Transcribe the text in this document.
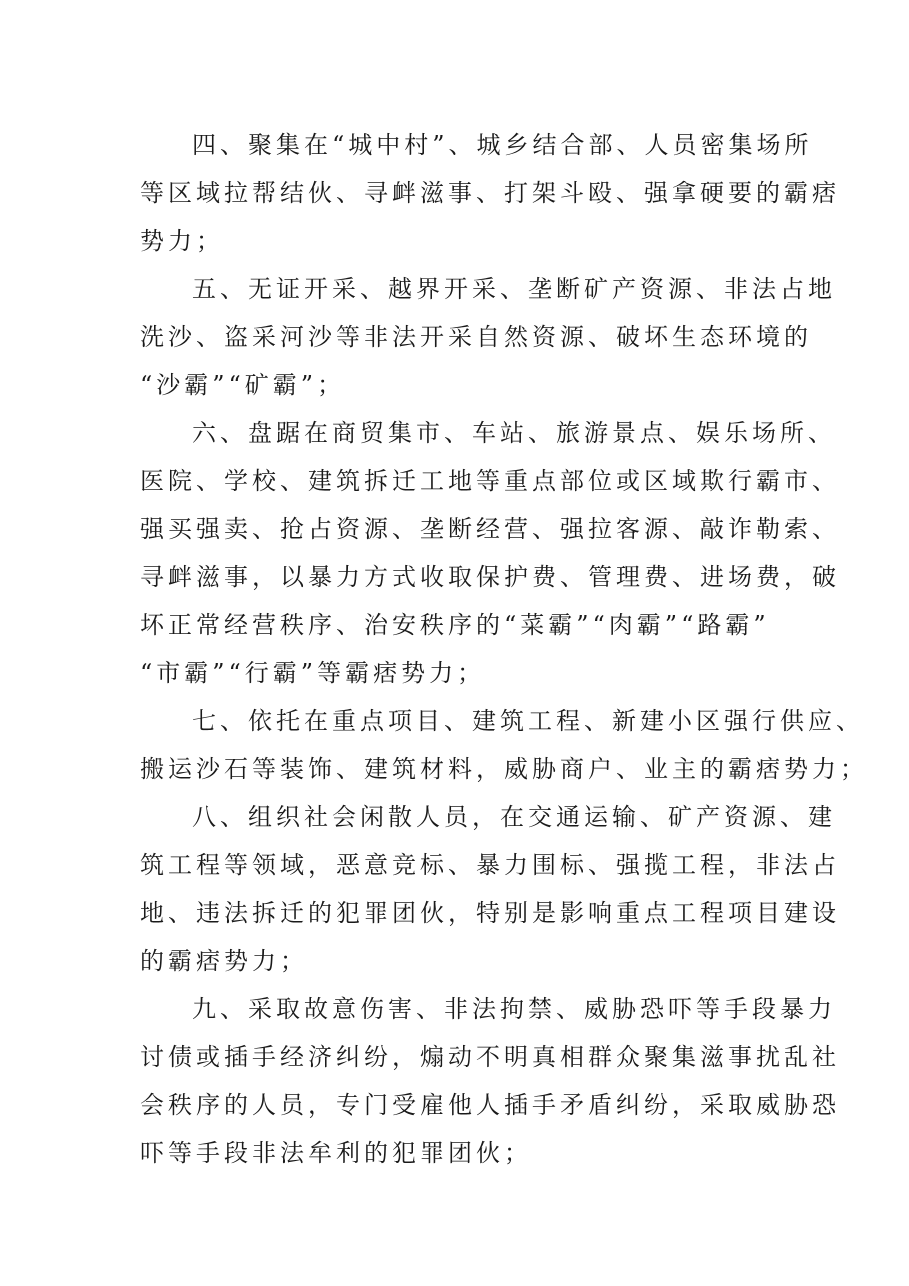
四、聚集在“城中村”、城乡结合部、人员密集场所
等区域拉帮结伙、寻衅滋事、打架斗殴、强拿硬要的霸痞
势力；
五、无证开采、越界开采、垄断矿产资源、非法占地
洗沙、盗采河沙等非法开采自然资源、破坏生态环境的
“沙霸”“矿霸”；
六、盘踞在商贸集市、车站、旅游景点、娱乐场所、
医院、学校、建筑拆迁工地等重点部位或区域欺行霸市、
强买强卖、抢占资源、垄断经营、强拉客源、敲诈勒索、
寻衅滋事，以暴力方式收取保护费、管理费、进场费，破
坏正常经营秩序、治安秩序的“菜霸”“肉霸”“路霸”
“市霸”“行霸”等霸痞势力；
七、依托在重点项目、建筑工程、新建小区强行供应、
搬运沙石等装饰、建筑材料，威胁商户、业主的霸痞势力；
八、组织社会闲散人员，在交通运输、矿产资源、建
筑工程等领域，恶意竞标、暴力围标、强揽工程，非法占
地、违法拆迁的犯罪团伙，特别是影响重点工程项目建设
的霸痞势力；
九、采取故意伤害、非法拘禁、威胁恐吓等手段暴力
讨债或插手经济纠纷，煽动不明真相群众聚集滋事扰乱社
会秩序的人员，专门受雇他人插手矛盾纠纷，采取威胁恐
吓等手段非法牟利的犯罪团伙；
